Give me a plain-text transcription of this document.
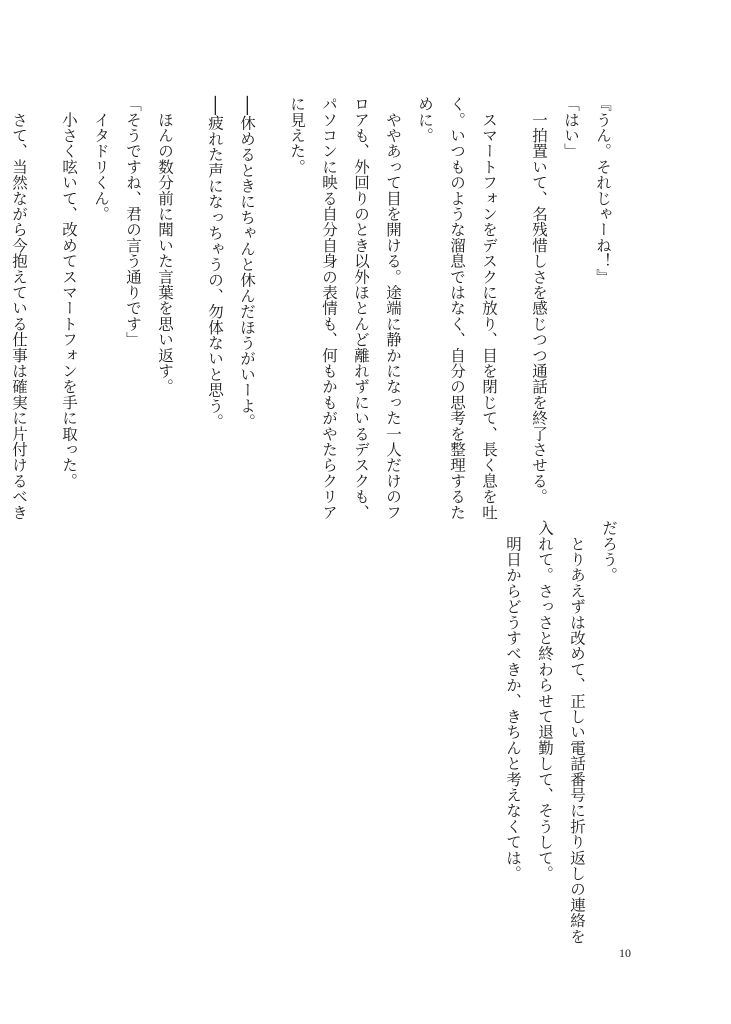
『うん。それじゃーね！』
「はい」
　一拍置いて、名残惜しさを感じつつ通話を終了させる。
　スマートフォンをデスクに放り、目を閉じて、長く息を吐
く。いつものような溜息ではなく、自分の思考を整理するた
めに。
　ややあって目を開ける。途端に静かになった一人だけのフ
ロアも、外回りのとき以外ほとんど離れずにいるデスクも、
パソコンに映る自分自身の表情も、何もかもがやたらクリア
に見えた。
──休めるときにちゃんと休んだほうがいーよ。
──疲れた声になっちゃうの、勿体ないと思う。
　ほんの数分前に聞いた言葉を思い返す。
「そうですね、君の言う通りです」
　イタドリくん。
　小さく呟いて、改めてスマートフォンを手に取った。
　さて、当然ながら今抱えている仕事は確実に片付けるべき
だろう。
　とりあえずは改めて、正しい電話番号に折り返しの連絡を
入れて。さっさと終わらせて退勤して、そうして。
　明日からどうすべきか、きちんと考えなくては。
10
